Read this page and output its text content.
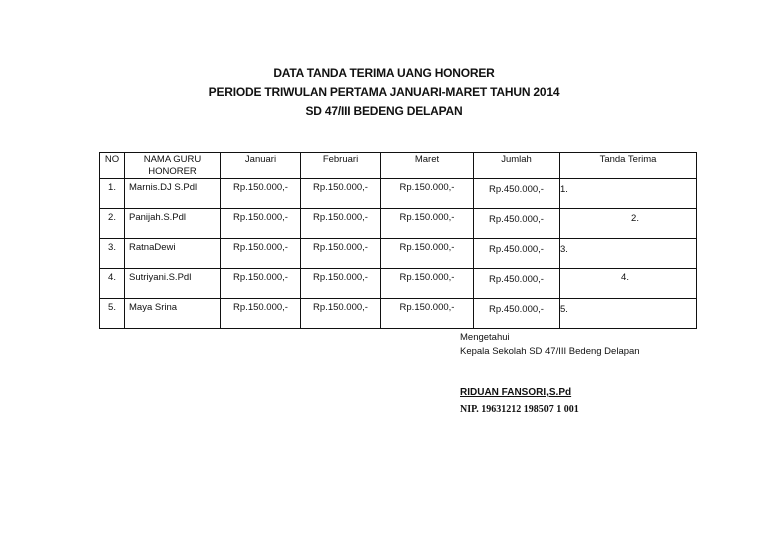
DATA TANDA TERIMA UANG HONORER
PERIODE TRIWULAN PERTAMA JANUARI-MARET TAHUN 2014
SD 47/III BEDENG DELAPAN
NO	NAMA GURU HONORER	Januari	Februari	Maret	Jumlah	Tanda Terima
1.	Marnis.DJ S.Pdl	Rp.150.000,-	Rp.150.000,-	Rp.150.000,-	Rp.450.000,-	1.
2.	Panijah.S.Pdl	Rp.150.000,-	Rp.150.000,-	Rp.150.000,-	Rp.450.000,-	2.
3.	RatnaDewi	Rp.150.000,-	Rp.150.000,-	Rp.150.000,-	Rp.450.000,-	3.
4.	Sutriyani.S.Pdl	Rp.150.000,-	Rp.150.000,-	Rp.150.000,-	Rp.450.000,-	4.
5.	Maya Srina	Rp.150.000,-	Rp.150.000,-	Rp.150.000,-	Rp.450.000,-	5.
Mengetahui
Kepala Sekolah SD 47/III Bedeng Delapan
RIDUAN FANSORI,S.Pd
NIP. 19631212 198507 1 001
